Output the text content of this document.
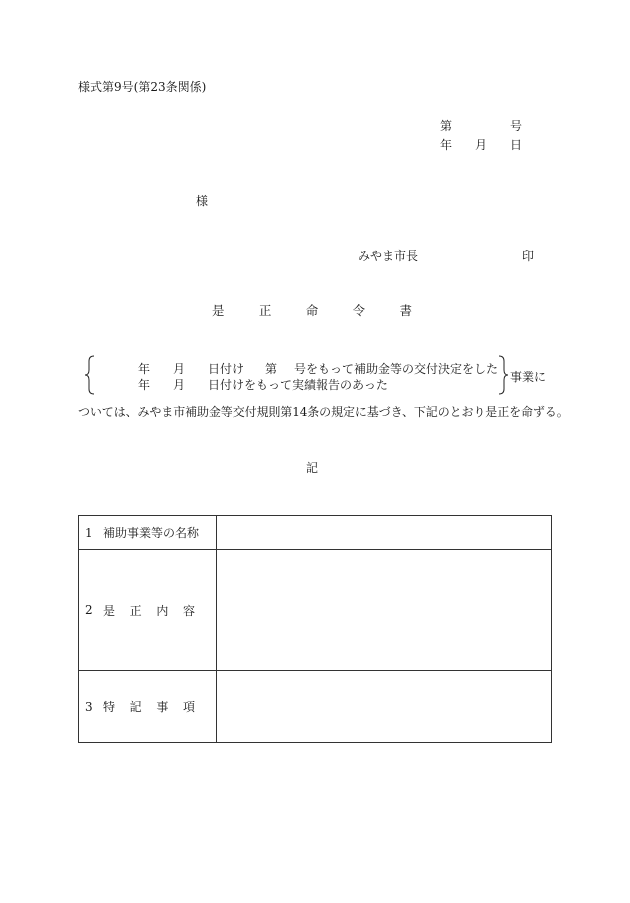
様式第9号(第23条関係)
第	号
年 月 日
様
みやま市長	印
是	正	命	令	書
年	月	日付け	第	号をもって補助金等の交付決定をした
年	月	日付けをもって実績報告のあった
事業に
ついては、みやま市補助金等交付規則第14条の規定に基づき、下記のとおり是正を命ずる。
記
1 補助事業等の名称	

2 是 正 内 容	

3 特 記 事 項	
